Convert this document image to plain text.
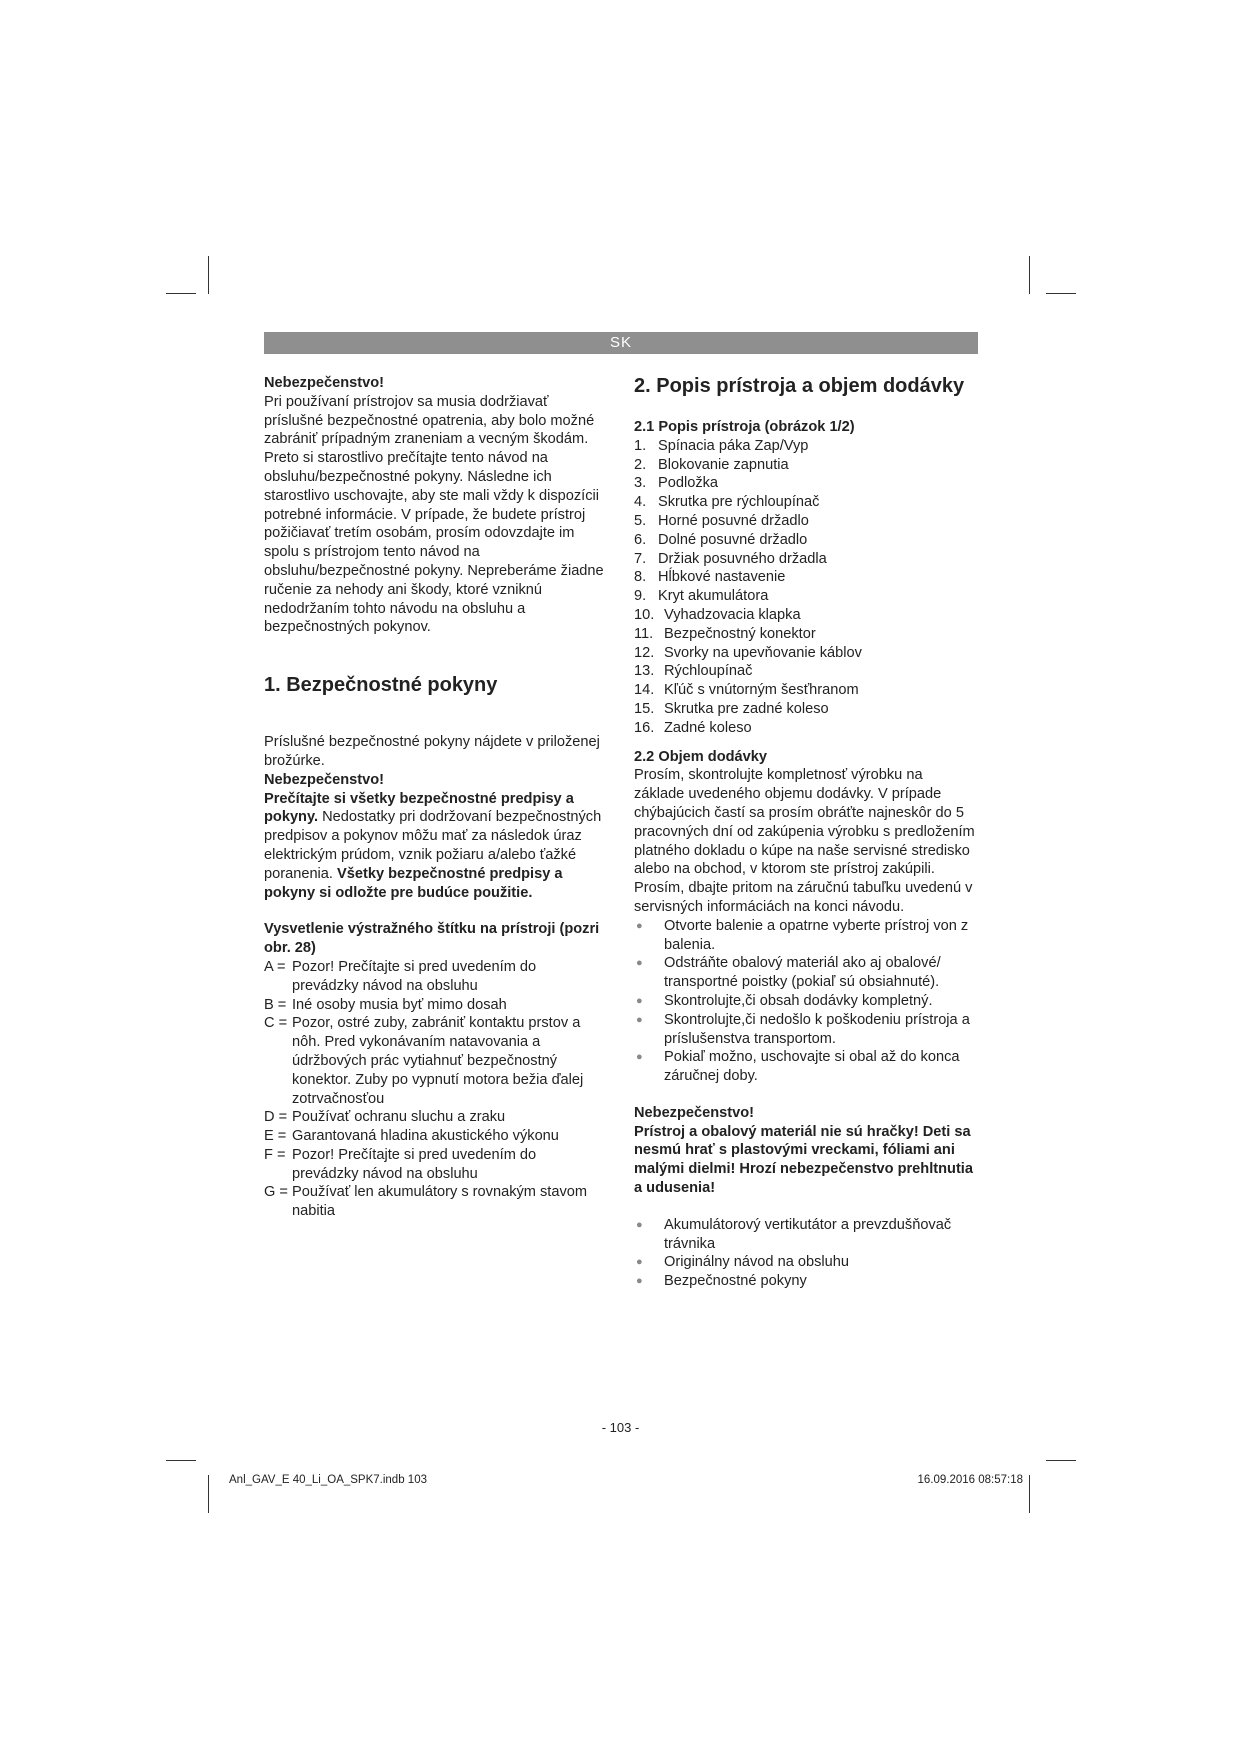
SK

Nebezpečenstvo!

Pri používaní prístrojov sa musia dodržiavať príslušné bezpečnostné opatrenia, aby bolo možné zabrániť prípadným zraneniam a vecným škodám. Preto si starostlivo prečítajte tento návod na obsluhu/bezpečnostné pokyny. Následne ich starostlivo uschovajte, aby ste mali vždy k dispozícii potrebné informácie. V prípade, že budete prístroj požičiavať tretím osobám, prosím odovzdajte im spolu s prístrojom tento návod na obsluhu/bezpečnostné pokyny. Nepreberáme žiadne ručenie za nehody ani škody, ktoré vzniknú nedodržaním tohto návodu na obsluhu a bezpečnostných pokynov.

1. Bezpečnostné pokyny

Príslušné bezpečnostné pokyny nájdete v priloženej brožúrke.

Nebezpečenstvo!

Prečítajte si všetky bezpečnostné predpisy a pokyny. Nedostatky pri dodržovaní bezpečnostných predpisov a pokynov môžu mať za následok úraz elektrickým prúdom, vznik požiaru a/alebo ťažké poranenia. Všetky bezpečnostné predpisy a pokyny si odložte pre budúce použitie.

Vysvetlenie výstražného štítku na prístroji (pozri obr. 28)

A = Pozor! Prečítajte si pred uvedením do prevádzky návod na obsluhu
B = Iné osoby musia byť mimo dosah
C = Pozor, ostré zuby, zabrániť kontaktu prstov a nôh. Pred vykonávaním natavovania a údržbových prác vytiahnuť bezpečnostný konektor. Zuby po vypnutí motora bežia ďalej zotrvačnosťou
D = Používať ochranu sluchu a zraku
E = Garantovaná hladina akustického výkonu
F = Pozor! Prečítajte si pred uvedením do prevádzky návod na obsluhu
G = Používať len akumulátory s rovnakým stavom nabitia
2. Popis prístroja a objem dodávky

2.1 Popis prístroja (obrázok 1/2)

1. Spínacia páka Zap/Vyp
2. Blokovanie zapnutia
3. Podložka
4. Skrutka pre rýchloupínač
5. Horné posuvné držadlo
6. Dolné posuvné držadlo
7. Držiak posuvného držadla
8. Hĺbkové nastavenie
9. Kryt akumulátora
10. Vyhadzovacia klapka
11. Bezpečnostný konektor
12. Svorky na upevňovanie káblov
13. Rýchloupínač
14. Kľúč s vnútorným šesťhranom
15. Skrutka pre zadné koleso
16. Zadné koleso

2.2 Objem dodávky

Prosím, skontrolujte kompletnosť výrobku na základe uvedeného objemu dodávky. V prípade chýbajúcich častí sa prosím obráťte najneskôr do 5 pracovných dní od zakúpenia výrobku s predložením platného dokladu o kúpe na naše servisné stredisko alebo na obchod, v ktorom ste prístroj zakúpili. Prosím, dbajte pritom na záručnú tabuľku uvedenú v servisných informáciách na konci návodu.

●	Otvorte balenie a opatrne vyberte prístroj von z balenia.
●	Odstráňte obalový materiál ako aj obalové/ transportné poistky (pokiaľ sú obsiahnuté).
●	Skontrolujte,či obsah dodávky kompletný.
●	Skontrolujte,či nedošlo k poškodeniu prístroja a príslušenstva transportom.
●	Pokiaľ možno, uschovajte si obal až do konca záručnej doby.

Nebezpečenstvo!

Prístroj a obalový materiál nie sú hračky! Deti sa nesmú hrať s plastovými vreckami, fóliami ani malými dielmi! Hrozí nebezpečenstvo prehltnutia a udusenia!

●	Akumulátorový vertikutátor a prevzdušňovač trávnika
●	Originálny návod na obsluhu
●	Bezpečnostné pokyny
- 103 -
Anl_GAV_E 40_Li_OA_SPK7.indb 103	16.09.2016 08:57:18
